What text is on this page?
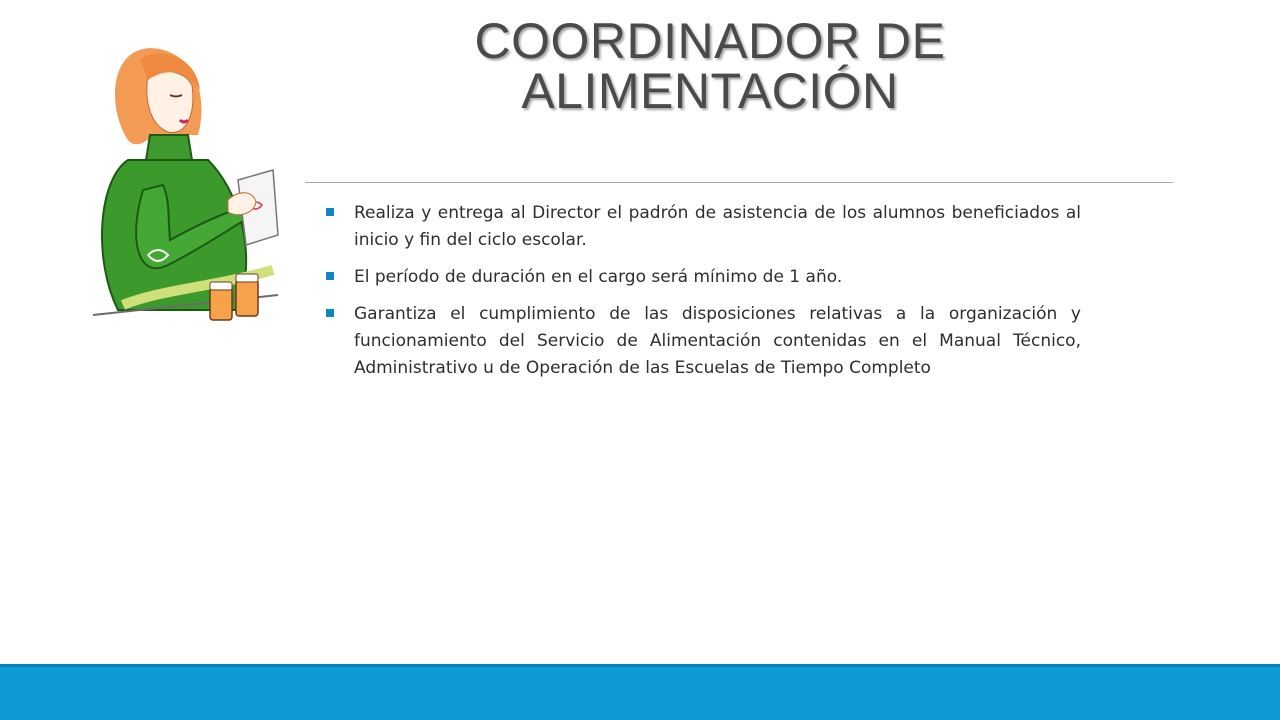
COORDINADOR DE
ALIMENTACIÓN
Realiza y entrega al Director el padrón de asistencia de los alumnos beneficiados al inicio y fin del ciclo escolar.
El período de duración en el cargo será mínimo de 1 año.
Garantiza el cumplimiento de las disposiciones relativas a la organización y funcionamiento del Servicio de Alimentación contenidas en el Manual Técnico, Administrativo u de Operación de las Escuelas de Tiempo Completo
